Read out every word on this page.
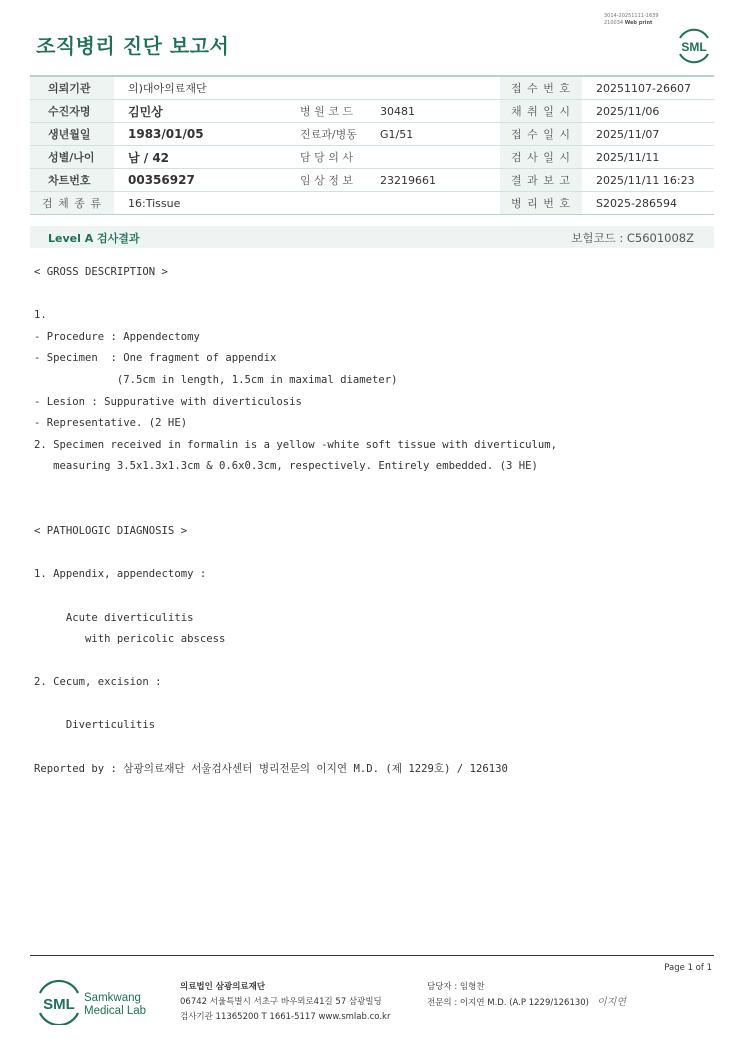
3014-20251111-1639
210034 Web print
조직병리 진단 보고서	SML
의뢰기관	의)대아의료재단			접 수 번 호	20251107-26607
수진자명	김민상	병 원 코 드	30481	채 취 일 시	2025/11/06
생년월일	1983/01/05	진료과/병동	G1/51	접 수 일 시	2025/11/07
성별/나이	남 / 42	담 당 의 사		검 사 일 시	2025/11/11
차트번호	00356927	임 상 정 보	23219661	결 과 보 고	2025/11/11 16:23
검 체 종 류	16:Tissue			병 리 번 호	S2025-286594
Level A 검사결과	보험코드 : C5601008Z
< GROSS DESCRIPTION >

1.
- Procedure : Appendectomy
- Specimen  : One fragment of appendix
(7.5cm in length, 1.5cm in maximal diameter)
- Lesion : Suppurative with diverticulosis
- Representative. (2 HE)
2. Specimen received in formalin is a yellow -white soft tissue with diverticulum,
measuring 3.5x1.3x1.3cm & 0.6x0.3cm, respectively. Entirely embedded. (3 HE)

< PATHOLOGIC DIAGNOSIS >

1. Appendix, appendectomy :

Acute diverticulitis
with pericolic abscess

2. Cecum, excision :

Diverticulitis

Reported by : 삼광의료재단 서울검사센터 병리전문의 이지연 M.D. (제 1229호) / 126130
Page 1 of 1
SML Samkwang
Medical Lab
의료법인 삼광의료재단
06742 서울특별시 서초구 바우뫼로41길 57 삼광빌딩
검사기관 11365200 T 1661-5117 www.smlab.co.kr
담당자 : 임형찬
전문의 : 이지연 M.D. (A.P 1229/126130) 이지연
